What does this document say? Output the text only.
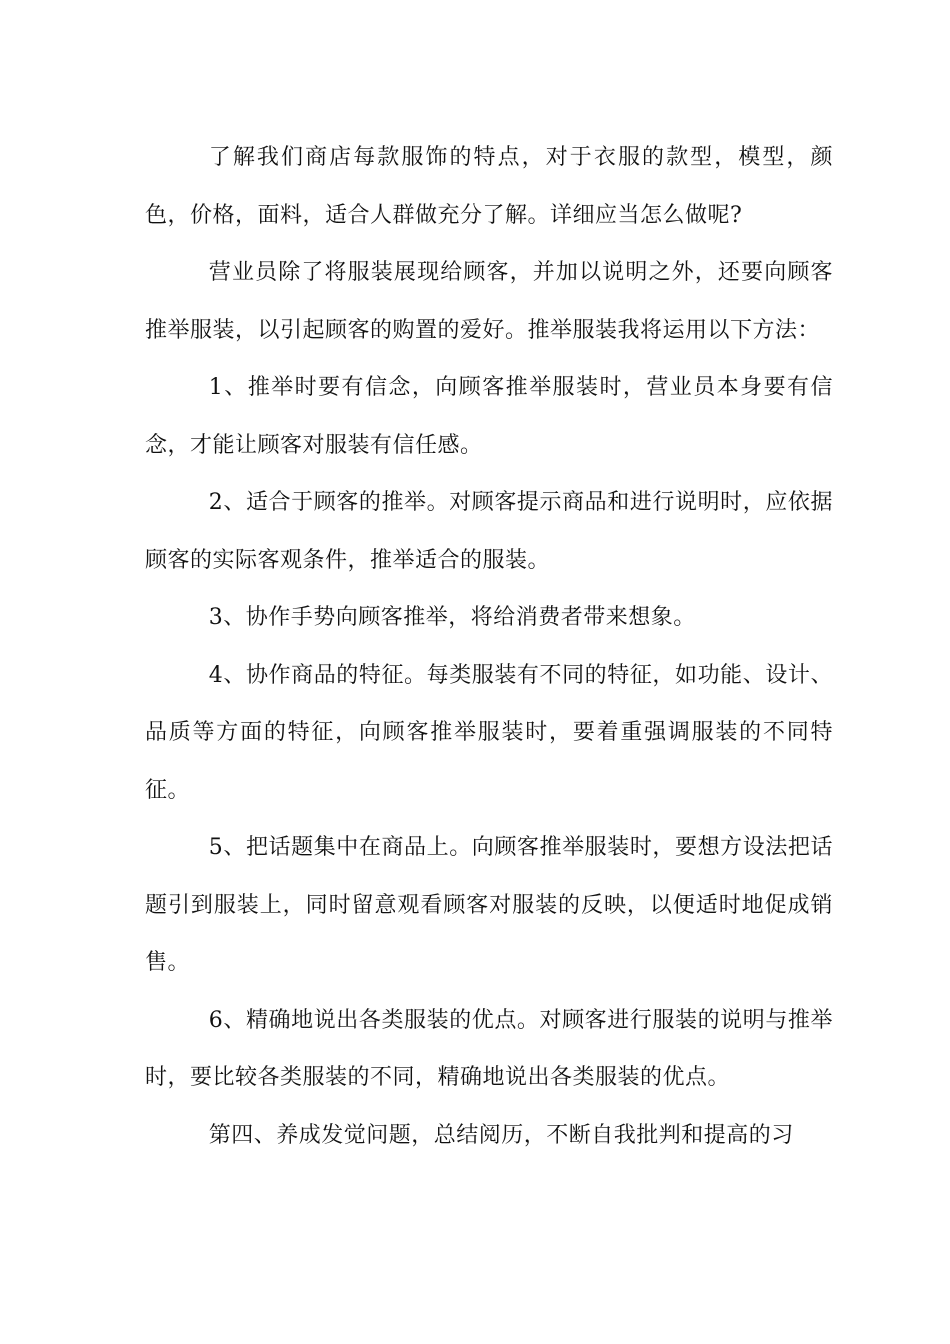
了解我们商店每款服饰的特点，对于衣服的款型，模型，颜色，价格，面料，适合人群做充分了解。详细应当怎么做呢?

营业员除了将服装展现给顾客，并加以说明之外，还要向顾客推举服装，以引起顾客的购置的爱好。推举服装我将运用以下方法：

1、推举时要有信念，向顾客推举服装时，营业员本身要有信念，才能让顾客对服装有信任感。

2、适合于顾客的推举。对顾客提示商品和进行说明时，应依据顾客的实际客观条件，推举适合的服装。

3、协作手势向顾客推举，将给消费者带来想象。

4、协作商品的特征。每类服装有不同的特征，如功能、设计、品质等方面的特征，向顾客推举服装时，要着重强调服装的不同特征。

5、把话题集中在商品上。向顾客推举服装时，要想方设法把话题引到服装上，同时留意观看顾客对服装的反映，以便适时地促成销售。

6、精确地说出各类服装的优点。对顾客进行服装的说明与推举时，要比较各类服装的不同，精确地说出各类服装的优点。

第四、养成发觉问题，总结阅历，不断自我批判和提高的习
